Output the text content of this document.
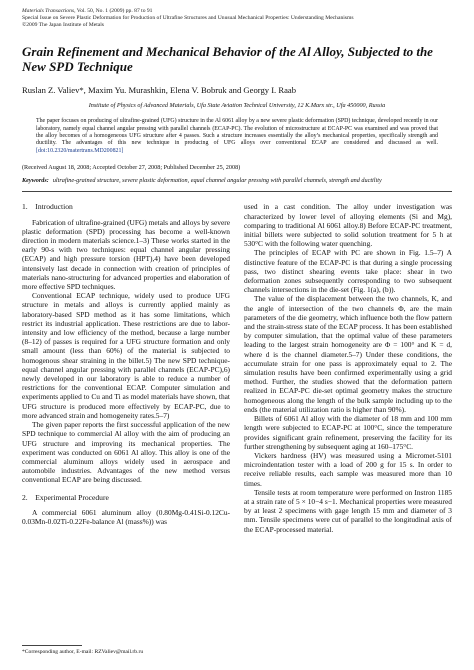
Materials Transactions, Vol. 50, No. 1 (2009) pp. 87 to 91
Special Issue on Severe Plastic Deformation for Production of Ultrafine Structures and Unusual Mechanical Properties: Understanding Mechanisms
©2009 The Japan Institute of Metals
Grain Refinement and Mechanical Behavior of the Al Alloy, Subjected to the New SPD Technique
Ruslan Z. Valiev*, Maxim Yu. Murashkin, Elena V. Bobruk and Georgy I. Raab
Institute of Physics of Advanced Materials, Ufa State Aviation Technical University, 12 K.Marx str., Ufa 450000, Russia
The paper focuses on producing of ultrafine-grained (UFG) structure in the Al 6061 alloy by a new severe plastic deformation (SPD) technique, developed recently in our laboratory, namely equal channel angular pressing with parallel channels (ECAP-PC). The evolution of microstructure at ECAP-PC was examined and was proved that the alloy becomes of a homogeneous UFG structure after 4 passes. Such a structure increases essentially the alloy’s mechanical properties, specifically strength and ductility. The advantages of this new technique in producing of UFG alloys over conventional ECAP are considered and discussed as well. [doi:10.2320/matertrans.MD200821]
(Received August 18, 2008; Accepted October 27, 2008; Published December 25, 2008)
Keywords: ultrafine-grained structure, severe plastic deformation, equal channel angular pressing with parallel channels, strength and ductility
1. Introduction

Fabrication of ultrafine-grained (UFG) metals and alloys by severe plastic deformation (SPD) processing has become a well-known direction in modern materials science.1–3) These works started in the early 90-s with two techniques: equal channel angular pressing (ECAP) and high pressure torsion (HPT),4) have been developed intensively last decade in connection with creation of principles of materials nano-structuring for advanced properties and elaboration of more effective SPD techniques.

Conventional ECAP technique, widely used to produce UFG structure in metals and alloys is currently applied mainly as laboratory-based SPD method as it has some limitations, which restrict its industrial application. These restrictions are due to labor-intensity and low efficiency of the method, because a large number (8–12) of passes is required for a UFG structure formation and only small amount (less than 60%) of the material is subjected to homogenous shear straining in the billet.5) The new SPD technique-equal channel angular pressing with parallel channels (ECAP-PC),6) newly developed in our laboratory is able to reduce a number of restrictions for the conventional ECAP. Computer simulation and experiments applied to Cu and Ti as model materials have shown, that UFG structure is produced more effectively by ECAP-PC, due to more advanced strain and homogeneity rates.5–7)

The given paper reports the first successful application of the new SPD technique to commercial Al alloy with the aim of producing an UFG structure and improving its mechanical properties. The experiment was conducted on 6061 Al alloy. This alloy is one of the commercial aluminum alloys widely used in aerospace and automobile industries. Advantages of the new method versus conventional ECAP are being discussed.

2. Experimental Procedure

A commercial 6061 aluminum alloy (0.80Mg-0.41Si-0.12Cu-0.03Mn-0.02Ti-0.22Fe-balance Al (mass%)) was

used in a cast condition. The alloy under investigation was characterized by lower level of alloying elements (Si and Mg), comparing to traditional Al 6061 alloy.8) Before ECAP-PC treatment, initial billets were subjected to solid solution treatment for 5 h at 530°C with the following water quenching.

The principles of ECAP with PC are shown in Fig. 1.5–7) A distinctive feature of the ECAP-PC is that during a single processing pass, two distinct shearing events take place: shear in two deformation zones subsequently corresponding to two subsequent channels intersections in the die-set (Fig. 1(a), (b)).

The value of the displacement between the two channels, K, and the angle of intersection of the two channels Φ, are the main parameters of the die geometry, which influence both the flow pattern and the strain-stress state of the ECAP process. It has been established by computer simulation, that the optimal value of these parameters leading to the largest strain homogeneity are Φ = 100° and K = d, where d is the channel diameter.5–7) Under these conditions, the accumulate strain for one pass is approximately equal to 2. The simulation results have been confirmed experimentally using a grid method. Further, the studies showed that the deformation pattern realized in ECAP-PC die-set optimal geometry makes the structure homogeneous along the length of the bulk sample including up to the ends (the material utilization ratio is higher than 90%).

Billets of 6061 Al alloy with the diameter of 18 mm and 100 mm length were subjected to ECAP-PC at 100°C, since the temperature provides significant grain refinement, preserving the facility for its further strengthening by subsequent aging at 160–175°C.

Vickers hardness (HV) was measured using a Micromet-5101 microindentation tester with a load of 200 g for 15 s. In order to receive reliable results, each sample was measured more than 10 times.

Tensile tests at room temperature were performed on Instron 1185 at a strain rate of 5 × 10−4 s−1. Mechanical properties were measured by at least 2 specimens with gage length 15 mm and diameter of 3 mm. Tensile specimens were cut of parallel to the longitudinal axis of the ECAP-processed material.

*Corresponding author, E-mail: RZValiev@mail.rb.ru
